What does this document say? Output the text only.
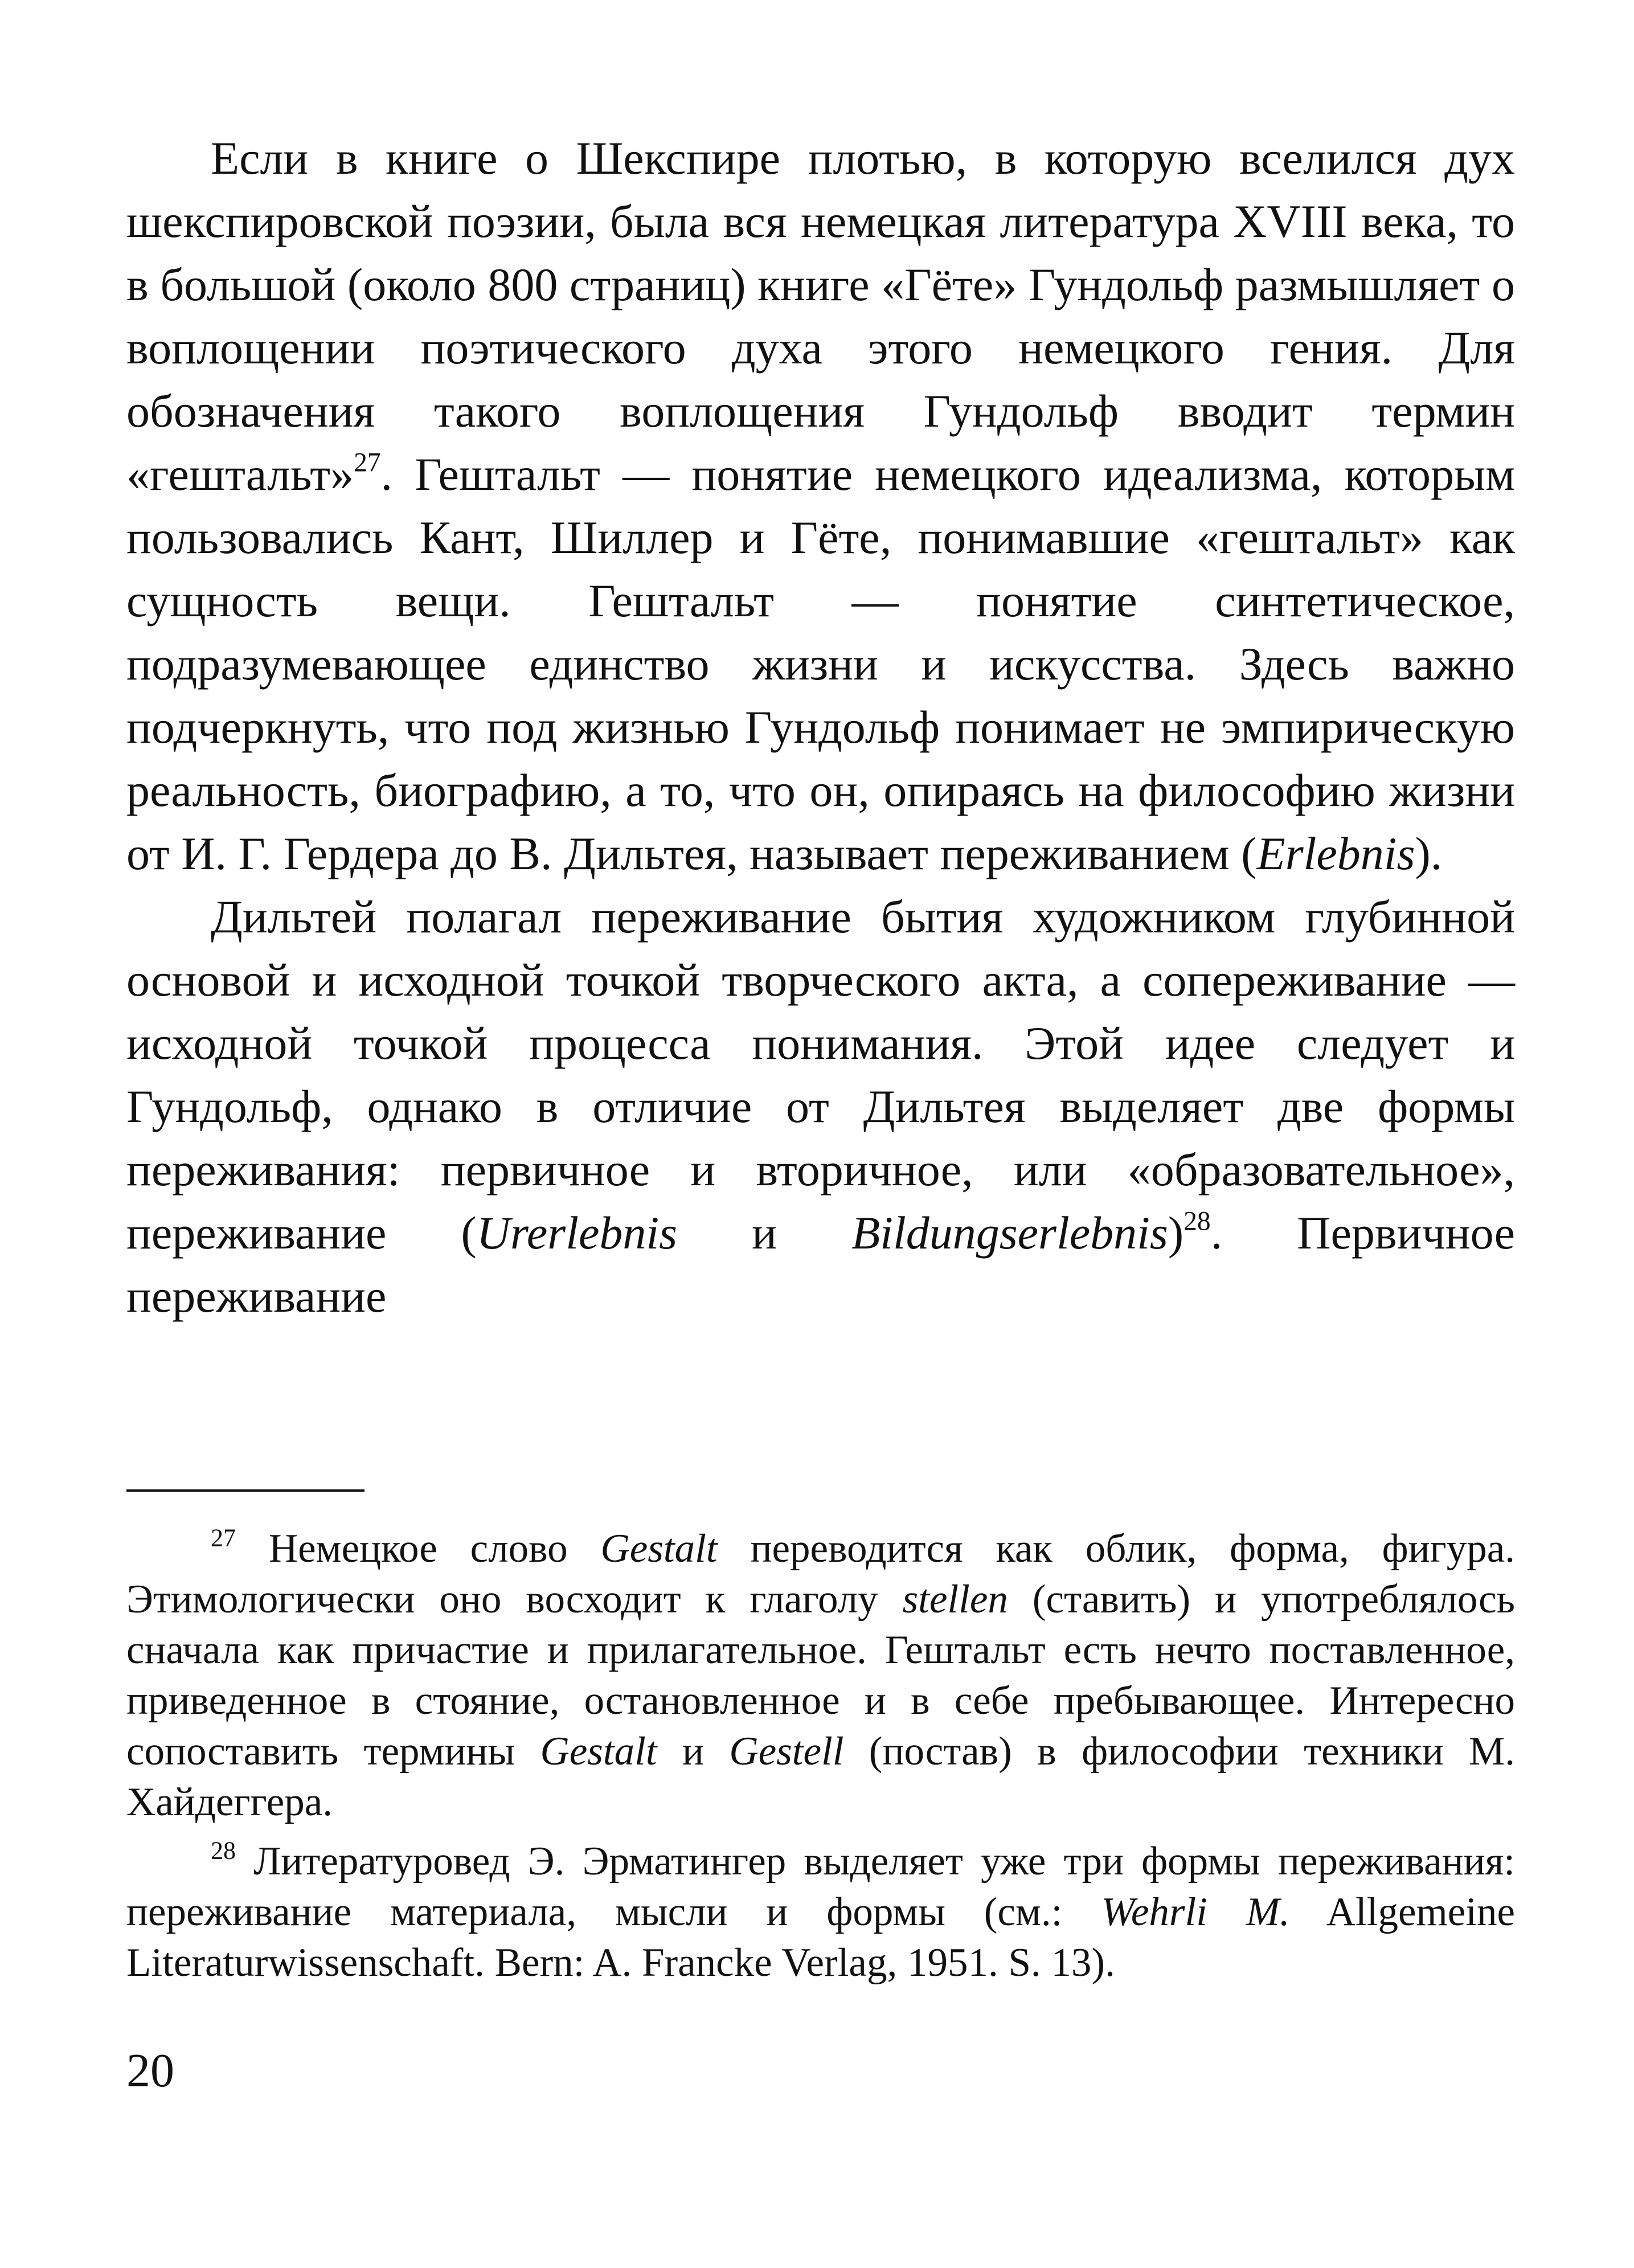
Если в книге о Шекспире плотью, в которую вселился дух шекспировской поэзии, была вся немецкая литература XVIII века, то в большой (около 800 страниц) книге «Гёте» Гундольф размышляет о воплощении поэтического духа этого немецкого гения. Для обозначения такого воплощения Гундольф вводит термин «гештальт»$^{27}$. Гештальт — понятие немецкого идеализма, которым пользовались Кант, Шиллер и Гёте, понимавшие «гештальт» как сущность вещи. Гештальт — понятие синтетическое, подразумевающее единство жизни и искусства. Здесь важно подчеркнуть, что под жизнью Гундольф понимает не эмпирическую реальность, биографию, а то, что он, опираясь на философию жизни от И. Г. Гердера до В. Дильтея, называет переживанием (Erlebnis).

Дильтей полагал переживание бытия художником глубинной основой и исходной точкой творческого акта, а сопереживание — исходной точкой процесса понимания. Этой идее следует и Гундольф, однако в отличие от Дильтея выделяет две формы переживания: первичное и вторичное, или «образовательное», переживание (Urerlebnis и Bildungserlebnis)$^{28}$. Первичное переживание

$^{27}$ Немецкое слово Gestalt переводится как облик, форма, фигура. Этимологически оно восходит к глаголу stellen (ставить) и употреблялось сначала как причастие и прилагательное. Гештальт есть нечто поставленное, приведенное в стояние, остановленное и в себе пребывающее. Интересно сопоставить термины Gestalt и Gestell (постав) в философии техники М. Хайдеггера.

$^{28}$ Литературовед Э. Эрматингер выделяет уже три формы переживания: переживание материала, мысли и формы (см.: Wehrli M. Allgemeine Literaturwissenschaft. Bern: A. Francke Verlag, 1951. S. 13).

20
